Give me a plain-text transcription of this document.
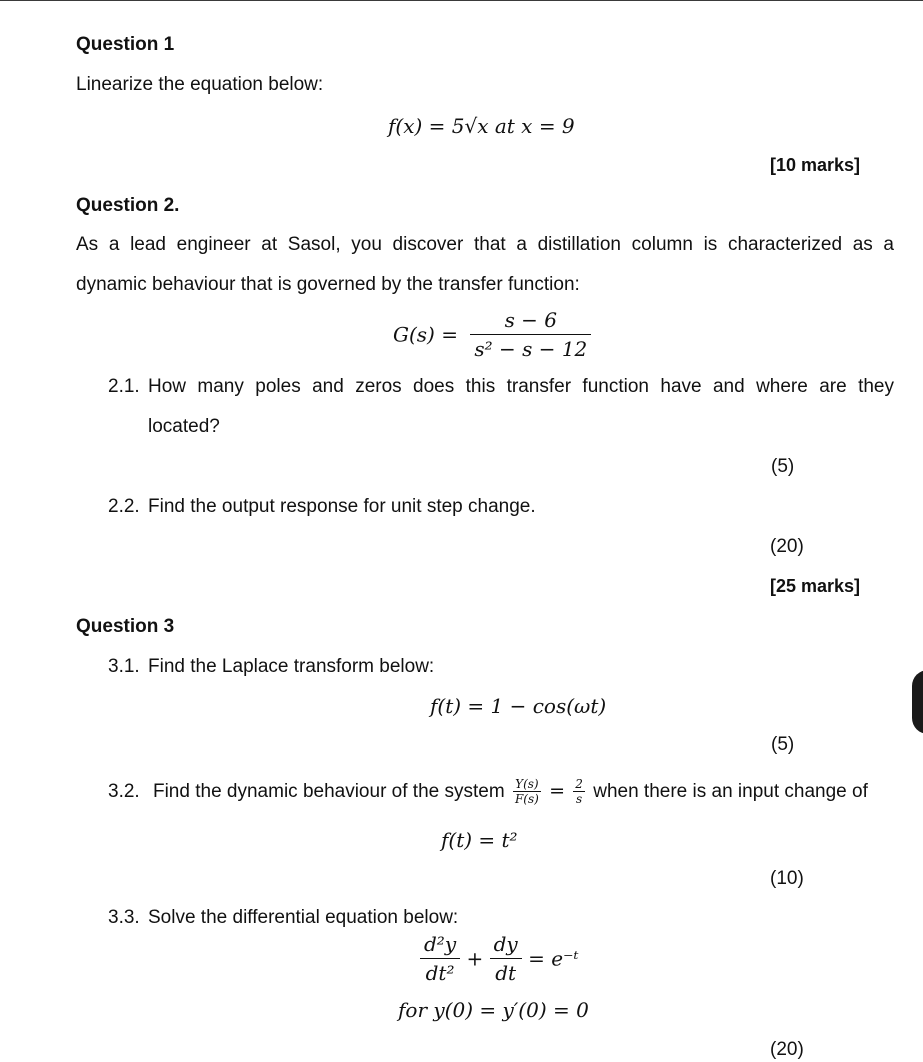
Question 1
Linearize the equation below:
f(x) = 5√x at x = 9
[10 marks]
Question 2.
As a lead engineer at Sasol, you discover that a distillation column is characterized as a
dynamic behaviour that is governed by the transfer function:
$G(s) = \frac{s - 6}{\text{s² − s − 12}}$
2.1. How many poles and zeros does this transfer function have and where are they
located?
(5)
2.2. Find the output response for unit step change.
(20)
[25 marks]
Question 3
3.1. Find the Laplace transform below:
f(t) = 1 − cos(ωt)
(5)
3.2. Find the dynamic behaviour of the system $\frac{Y(s)}{F(s)} = \frac{2}{s}$ when there is an input change of
f(t) = t²
(10)
3.3. Solve the differential equation below:
$\frac{\text{d²y}}{\text{dt²}} + \frac{dy}{dt}$ = e⁻ᵗ
for y(0) = y′(0) = 0
(20)
